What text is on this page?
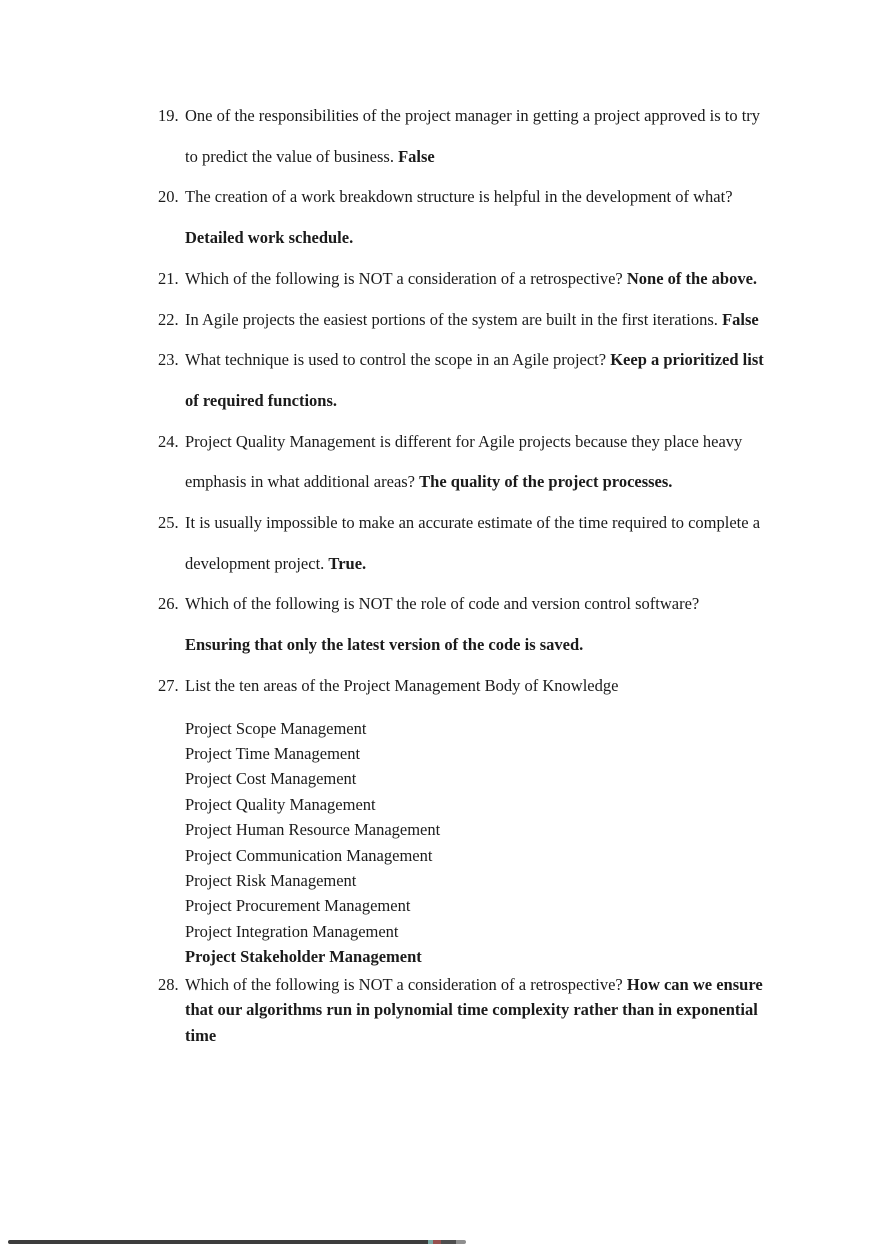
19. One of the responsibilities of the project manager in getting a project approved is to try to predict the value of business. False
20. The creation of a work breakdown structure is helpful in the development of what? Detailed work schedule.
21. Which of the following is NOT a consideration of a retrospective? None of the above.
22. In Agile projects the easiest portions of the system are built in the first iterations. False
23. What technique is used to control the scope in an Agile project? Keep a prioritized list of required functions.
24. Project Quality Management is different for Agile projects because they place heavy emphasis in what additional areas? The quality of the project processes.
25. It is usually impossible to make an accurate estimate of the time required to complete a development project. True.
26. Which of the following is NOT the role of code and version control software? Ensuring that only the latest version of the code is saved.
27. List the ten areas of the Project Management Body of Knowledge
Project Scope Management
Project Time Management
Project Cost Management
Project Quality Management
Project Human Resource Management
Project Communication Management
Project Risk Management
Project Procurement Management
Project Integration Management
Project Stakeholder Management
28. Which of the following is NOT a consideration of a retrospective? How can we ensure that our algorithms run in polynomial time complexity rather than in exponential time
